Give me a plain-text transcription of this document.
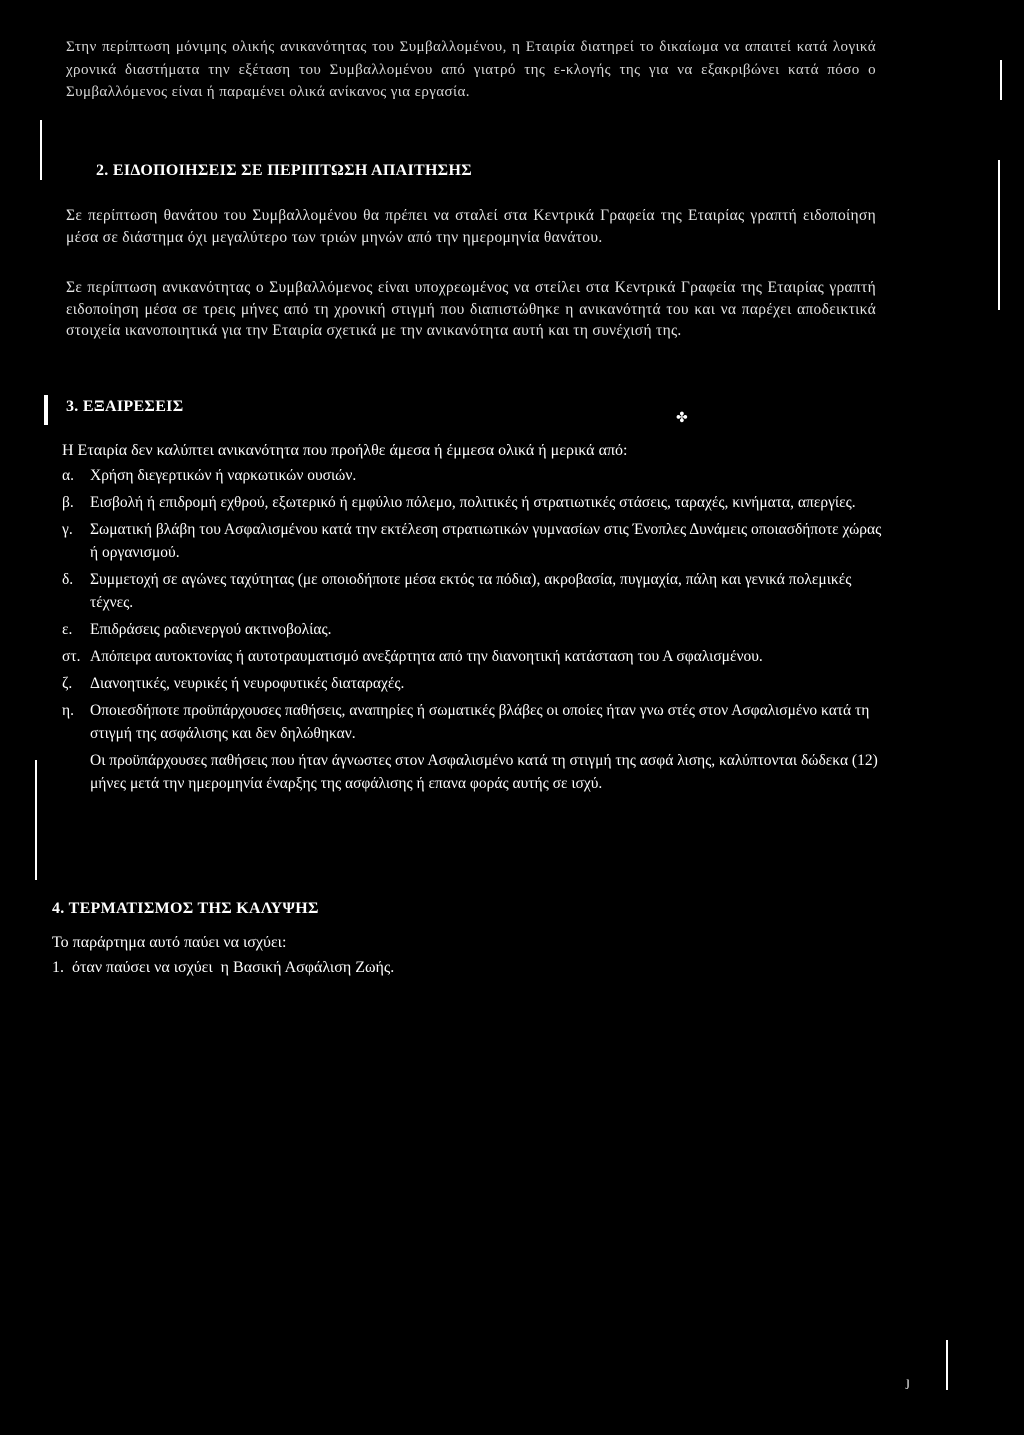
✤
ȷ

Στην περίπτωση μόνιμης ολικής ανικανότητας του Συμβαλλομένου, η Εταιρία διατηρεί το δικαίωμα να απαιτεί κατά λογικά χρονικά διαστήματα την εξέταση του Συμβαλλομένου από γιατρό της ε-κλογής της για να εξακριβώνει κατά πόσο ο Συμβαλλόμενος είναι ή παραμένει ολικά ανίκανος για εργασία.

2. ΕΙΔΟΠΟΙΗΣΕΙΣ ΣΕ ΠΕΡΙΠΤΩΣΗ ΑΠΑΙΤΗΣΗΣ

Σε περίπτωση θανάτου του Συμβαλλομένου θα πρέπει να σταλεί στα Κεντρικά Γραφεία της Εταιρίας γραπτή ειδοποίηση μέσα σε διάστημα όχι μεγαλύτερο των τριών μηνών από την ημερομηνία θανάτου.

Σε περίπτωση ανικανότητας ο Συμβαλλόμενος είναι υποχρεωμένος να στείλει στα Κεντρικά Γραφεία της Εταιρίας γραπτή ειδοποίηση μέσα σε τρεις μήνες από τη χρονική στιγμή που διαπιστώθηκε η ανικανότητά του και να παρέχει αποδεικτικά στοιχεία ικανοποιητικά για την Εταιρία σχετικά με την ανικανότητα αυτή και τη συνέχισή της.

3. ΕΞΑΙΡΕΣΕΙΣ
Η Εταιρία δεν καλύπτει ανικανότητα που προήλθε άμεσα ή έμμεσα ολικά ή μερικά από:
α.	Χρήση διεγερτικών ή ναρκωτικών ουσιών.
β.	Εισβολή ή επιδρομή εχθρού, εξωτερικό ή εμφύλιο πόλεμο, πολιτικές ή στρατιωτικές στάσεις, ταραχές, κινήματα, απεργίες.
γ.	Σωματική βλάβη του Ασφαλισμένου κατά την εκτέλεση στρατιωτικών γυμνασίων στις Ένοπλες Δυνάμεις οποιασδήποτε χώρας ή οργανισμού.
δ.	Συμμετοχή σε αγώνες ταχύτητας (με οποιοδήποτε μέσα εκτός τα πόδια), ακροβασία, πυγμαχία, πάλη και γενικά πολεμικές τέχνες.
ε.	Επιδράσεις ραδιενεργού ακτινοβολίας.
στ. Απόπειρα αυτοκτονίας ή αυτοτραυματισμό ανεξάρτητα από την διανοητική κατάσταση του Α σφαλισμένου.
ζ.	Διανοητικές, νευρικές ή νευροφυτικές διαταραχές.
η.	Οποιεσδήποτε προϋπάρχουσες παθήσεις, αναπηρίες ή σωματικές βλάβες οι οποίες ήταν γνω στές στον Ασφαλισμένο κατά τη στιγμή της ασφάλισης και δεν δηλώθηκαν.
Οι προϋπάρχουσες παθήσεις που ήταν άγνωστες στον Ασφαλισμένο κατά τη στιγμή της ασφά λισης, καλύπτονται δώδεκα (12) μήνες μετά την ημερομηνία έναρξης της ασφάλισης ή επανα φοράς αυτής σε ισχύ.
4. ΤΕΡΜΑΤΙΣΜΟΣ ΤΗΣ ΚΑΛΥΨΗΣ
Το παράρτημα αυτό παύει να ισχύει:
1.  όταν παύσει να ισχύει  η Βασική Ασφάλιση Ζωής.
